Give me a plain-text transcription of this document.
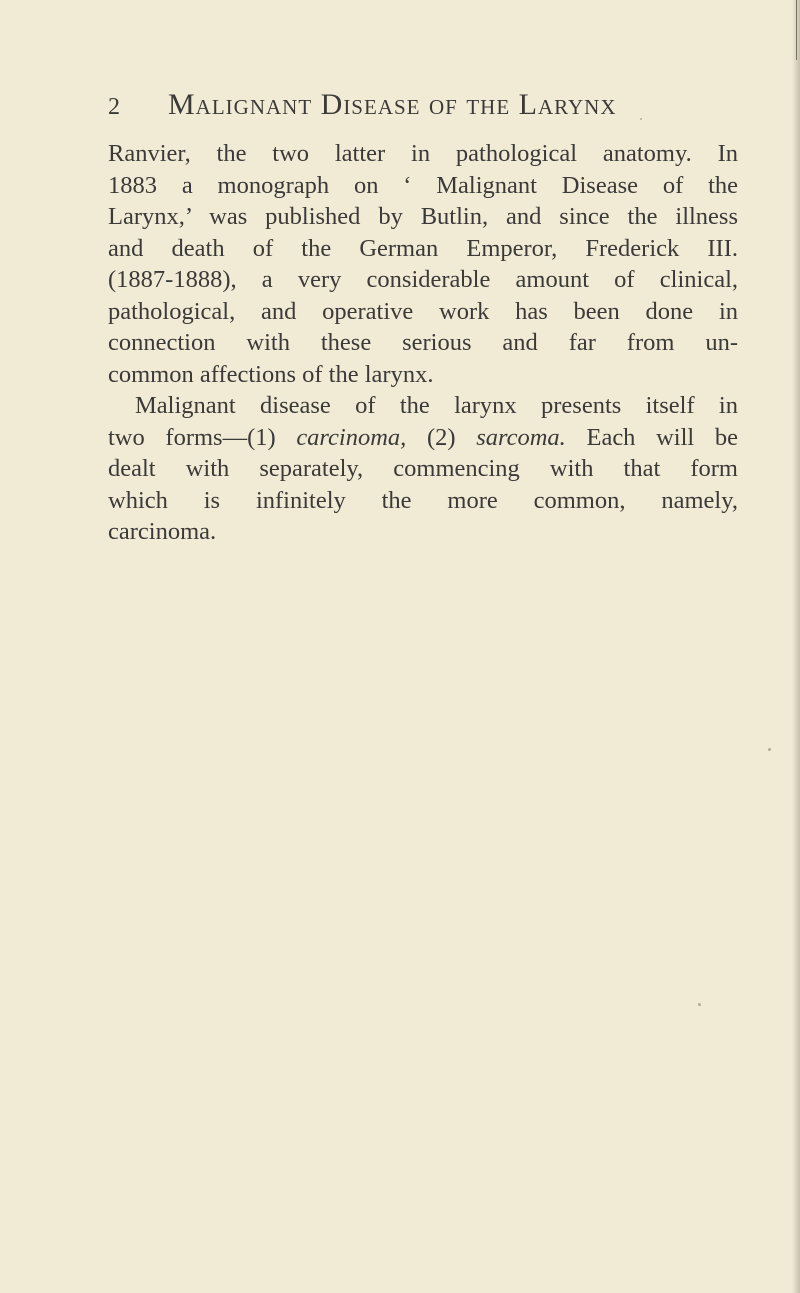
2	Malignant Disease of the Larynx

Ranvier, the two latter in pathological anatomy. In
1883 a monograph on ‘ Malignant Disease of the
Larynx,’ was published by Butlin, and since the illness
and death of the German Emperor, Frederick III.
(1887-1888), a very considerable amount of clinical,
pathological, and operative work has been done in
connection with these serious and far from un-
common affections of the larynx.

Malignant disease of the larynx presents itself in
two forms—(1) carcinoma, (2) sarcoma. Each will be
dealt with separately, commencing with that form
which is infinitely the more common, namely,
carcinoma.
